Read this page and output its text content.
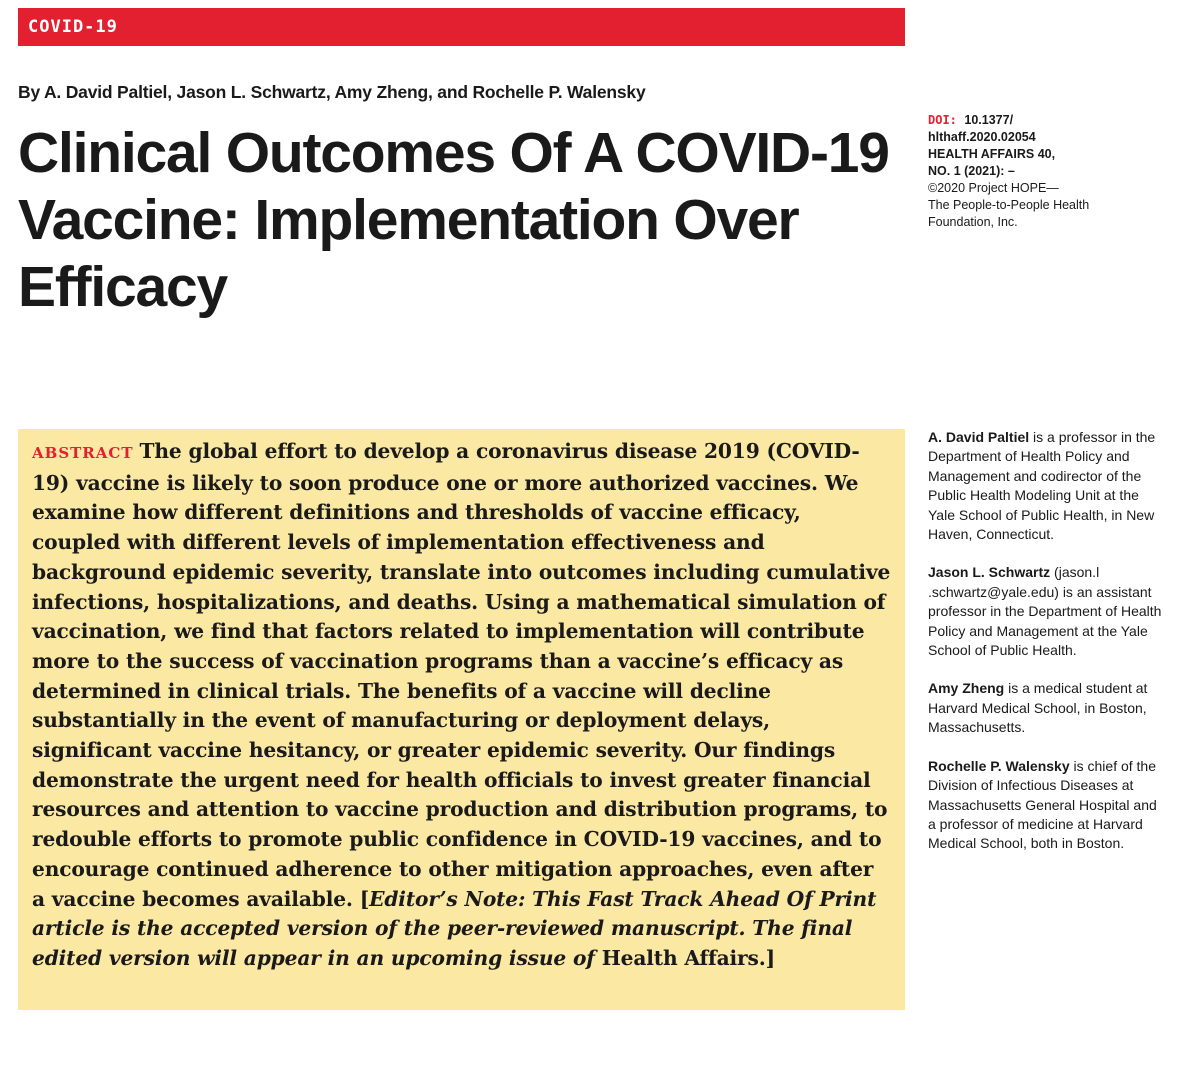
COVID-19
By A. David Paltiel, Jason L. Schwartz, Amy Zheng, and Rochelle P. Walensky
Clinical Outcomes Of A COVID-19 Vaccine: Implementation Over Efficacy
DOI: 10.1377/
hlthaff.2020.02054
HEALTH AFFAIRS 40,
NO. 1 (2021): –
©2020 Project HOPE—
The People-to-People Health
Foundation, Inc.
ABSTRACT The global effort to develop a coronavirus disease 2019 (COVID-19) vaccine is likely to soon produce one or more authorized vaccines. We examine how different definitions and thresholds of vaccine efficacy, coupled with different levels of implementation effectiveness and background epidemic severity, translate into outcomes including cumulative infections, hospitalizations, and deaths. Using a mathematical simulation of vaccination, we find that factors related to implementation will contribute more to the success of vaccination programs than a vaccine’s efficacy as determined in clinical trials. The benefits of a vaccine will decline substantially in the event of manufacturing or deployment delays, significant vaccine hesitancy, or greater epidemic severity. Our findings demonstrate the urgent need for health officials to invest greater financial resources and attention to vaccine production and distribution programs, to redouble efforts to promote public confidence in COVID-19 vaccines, and to encourage continued adherence to other mitigation approaches, even after a vaccine becomes available. [Editor’s Note: This Fast Track Ahead Of Print article is the accepted version of the peer-reviewed manuscript. The final edited version will appear in an upcoming issue of Health Affairs.]

A. David Paltiel is a professor in the Department of Health Policy and Management and codirector of the Public Health Modeling Unit at the Yale School of Public Health, in New Haven, Connecticut.

Jason L. Schwartz (jason.l .schwartz@yale.edu) is an assistant professor in the Department of Health Policy and Management at the Yale School of Public Health.

Amy Zheng is a medical student at Harvard Medical School, in Boston, Massachusetts.

Rochelle P. Walensky is chief of the Division of Infectious Diseases at Massachusetts General Hospital and a professor of medicine at Harvard Medical School, both in Boston.
